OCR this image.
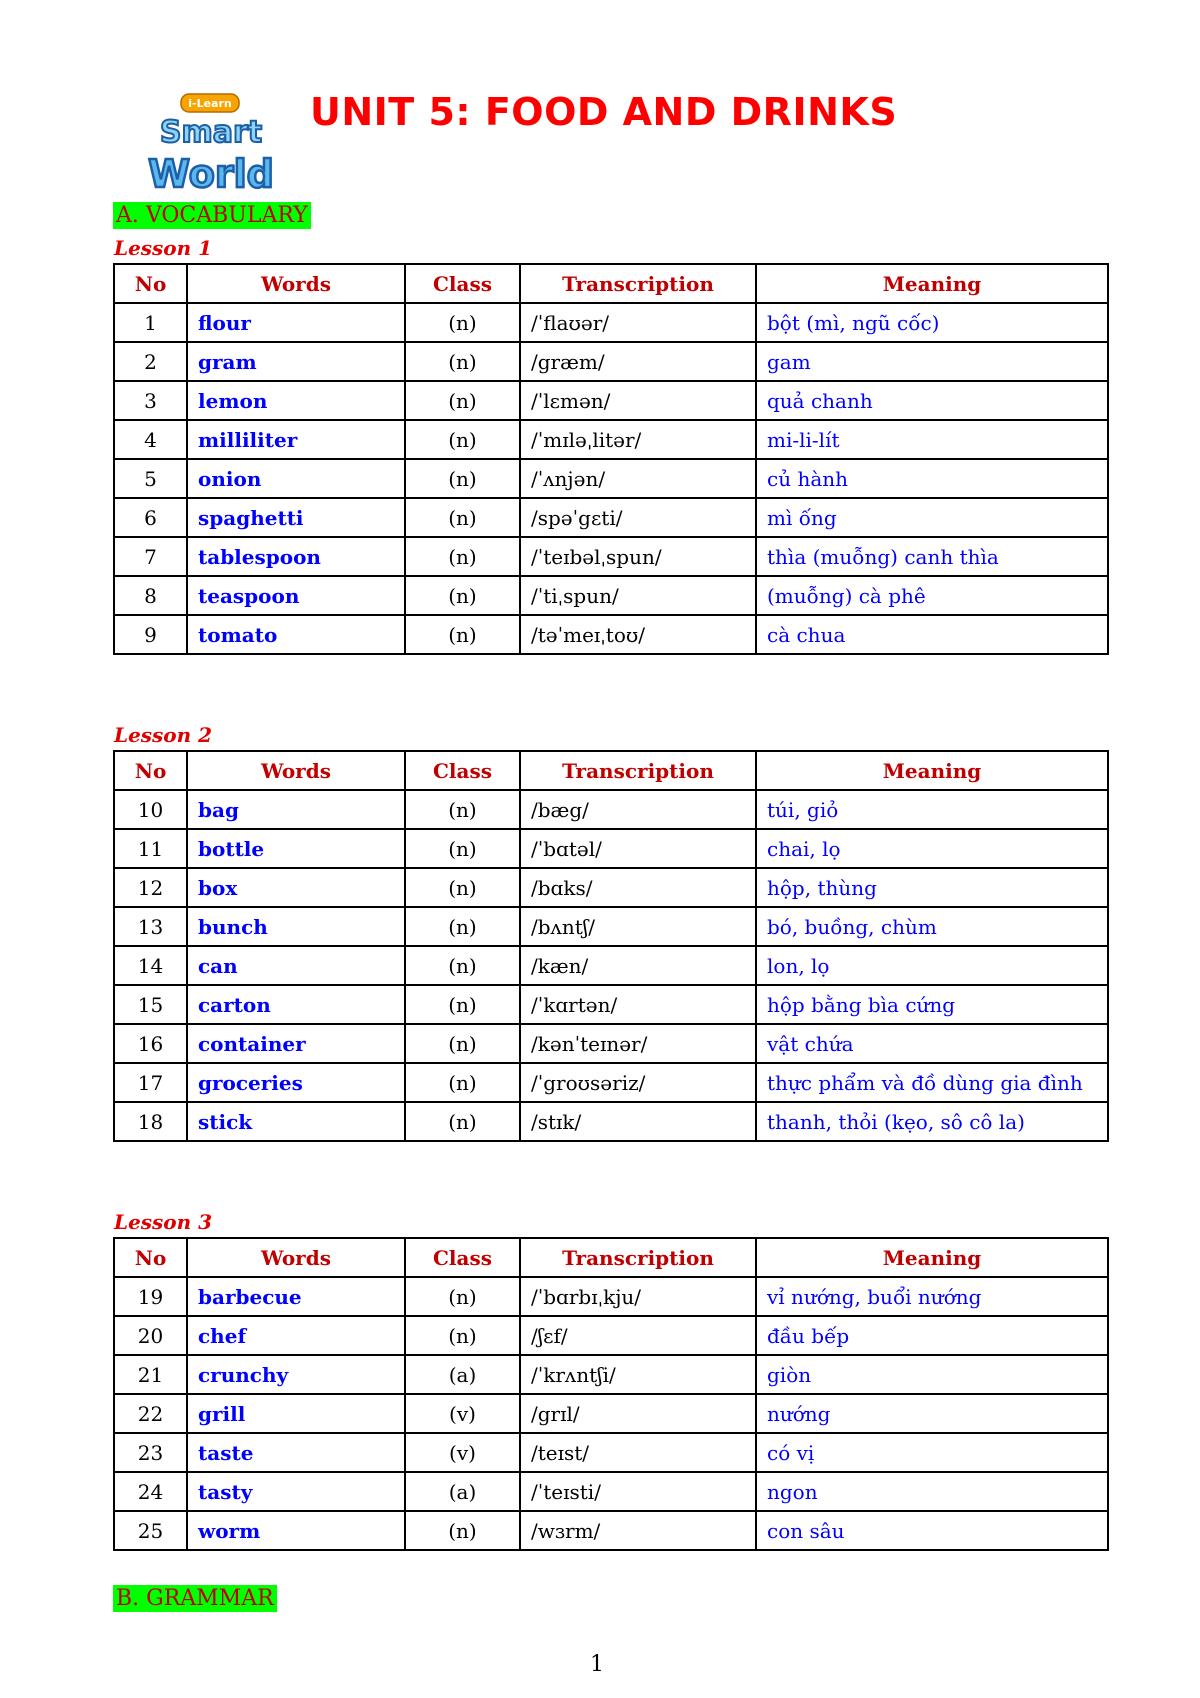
i-Learn
Smart
World
UNIT 5: FOOD AND DRINKS
A. VOCABULARY
Lesson 1
No	Words	Class	Transcription	Meaning
1	flour	(n)	/ˈflaʊər/	bột (mì, ngũ cốc)
2	gram	(n)	/græm/	gam
3	lemon	(n)	/ˈlɛmən/	quả chanh
4	milliliter	(n)	/ˈmɪləˌlitər/	mi-li-lít
5	onion	(n)	/ˈʌnjən/	củ hành
6	spaghetti	(n)	/spəˈgɛti/	mì ống
7	tablespoon	(n)	/ˈteɪbəlˌspun/	thìa (muỗng) canh thìa
8	teaspoon	(n)	/ˈtiˌspun/	(muỗng) cà phê
9	tomato	(n)	/təˈmeɪˌtoʊ/	cà chua
Lesson 2
No	Words	Class	Transcription	Meaning
10	bag	(n)	/bæg/	túi, giỏ
11	bottle	(n)	/ˈbɑtəl/	chai, lọ
12	box	(n)	/bɑks/	hộp, thùng
13	bunch	(n)	/bʌntʃ/	bó, buồng, chùm
14	can	(n)	/kæn/	lon, lọ
15	carton	(n)	/ˈkɑrtən/	hộp bằng bìa cứng
16	container	(n)	/kənˈteɪnər/	vật chứa
17	groceries	(n)	/ˈgroʊsəriz/	thực phẩm và đồ dùng gia đình
18	stick	(n)	/stɪk/	thanh, thỏi (kẹo, sô cô la)
Lesson 3
No	Words	Class	Transcription	Meaning
19	barbecue	(n)	/ˈbɑrbɪˌkju/	vỉ nướng, buổi nướng
20	chef	(n)	/ʃɛf/	đầu bếp
21	crunchy	(a)	/ˈkrʌntʃi/	giòn
22	grill	(v)	/grɪl/	nướng
23	taste	(v)	/teɪst/	có vị
24	tasty	(a)	/ˈteɪsti/	ngon
25	worm	(n)	/wɜrm/	con sâu
B. GRAMMAR
1
